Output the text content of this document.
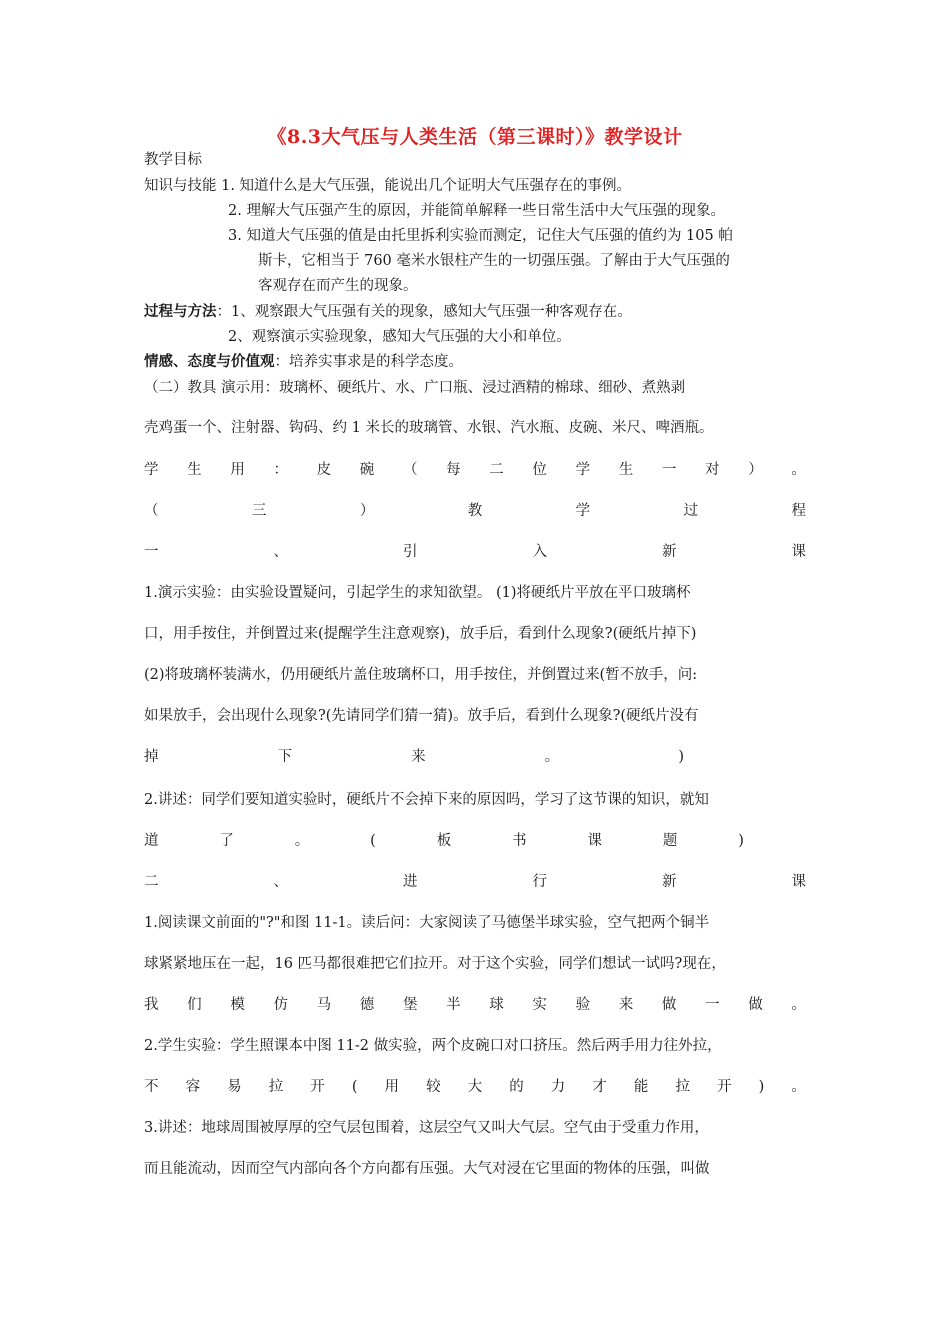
《8.3大气压与人类生活（第三课时）》教学设计
教学目标
知识与技能 1. 知道什么是大气压强，能说出几个证明大气压强存在的事例。
2. 理解大气压强产生的原因，并能简单解释一些日常生活中大气压强的现象。
3. 知道大气压强的值是由托里拆利实验而测定，记住大气压强的值约为 105 帕
斯卡，它相当于 760 毫米水银柱产生的一切强压强。了解由于大气压强的
客观存在而产生的现象。
过程与方法：1、观察跟大气压强有关的现象，感知大气压强一种客观存在。
2、观察演示实验现象，感知大气压强的大小和单位。
情感、态度与价值观：培养实事求是的科学态度。
（二）教具 演示用：玻璃杯、硬纸片、水、广口瓶、浸过酒精的棉球、细砂、煮熟剥
壳鸡蛋一个、注射器、钩码、约 1 米长的玻璃管、水银、汽水瓶、皮碗、米尺、啤酒瓶。
学 生 用 ： 皮 碗 （ 每 二 位 学 生 一 对 ） 。
（	三	）	教	学	过	程
一	、	引	入	新	课
1.演示实验：由实验设置疑问，引起学生的求知欲望。 (1)将硬纸片平放在平口玻璃杯
口，用手按住，并倒置过来(提醒学生注意观察)，放手后，看到什么现象?(硬纸片掉下)
(2)将玻璃杯装满水，仍用硬纸片盖住玻璃杯口，用手按住，并倒置过来(暂不放手，问:
如果放手，会出现什么现象?(先请同学们猜一猜)。放手后，看到什么现象?(硬纸片没有
掉	下	来	。	)
2.讲述：同学们要知道实验时，硬纸片不会掉下来的原因吗，学习了这节课的知识，就知
道	了	。	(	板	书	课	题	)
二	、	进	行	新	课
1.阅读课文前面的"?"和图 11-1。读后问：大家阅读了马德堡半球实验，空气把两个铜半
球紧紧地压在一起，16 匹马都很难把它们拉开。对于这个实验，同学们想试一试吗?现在，
我 们 模 仿 马 德 堡 半 球 实 验 来 做 一 做 。
2.学生实验：学生照课本中图 11-2 做实验，两个皮碗口对口挤压。然后两手用力往外拉，
不 容 易 拉 开 ( 用 较 大 的 力 才 能 拉 开 ) 。
3.讲述：地球周围被厚厚的空气层包围着，这层空气又叫大气层。空气由于受重力作用，
而且能流动，因而空气内部向各个方向都有压强。大气对浸在它里面的物体的压强，叫做
